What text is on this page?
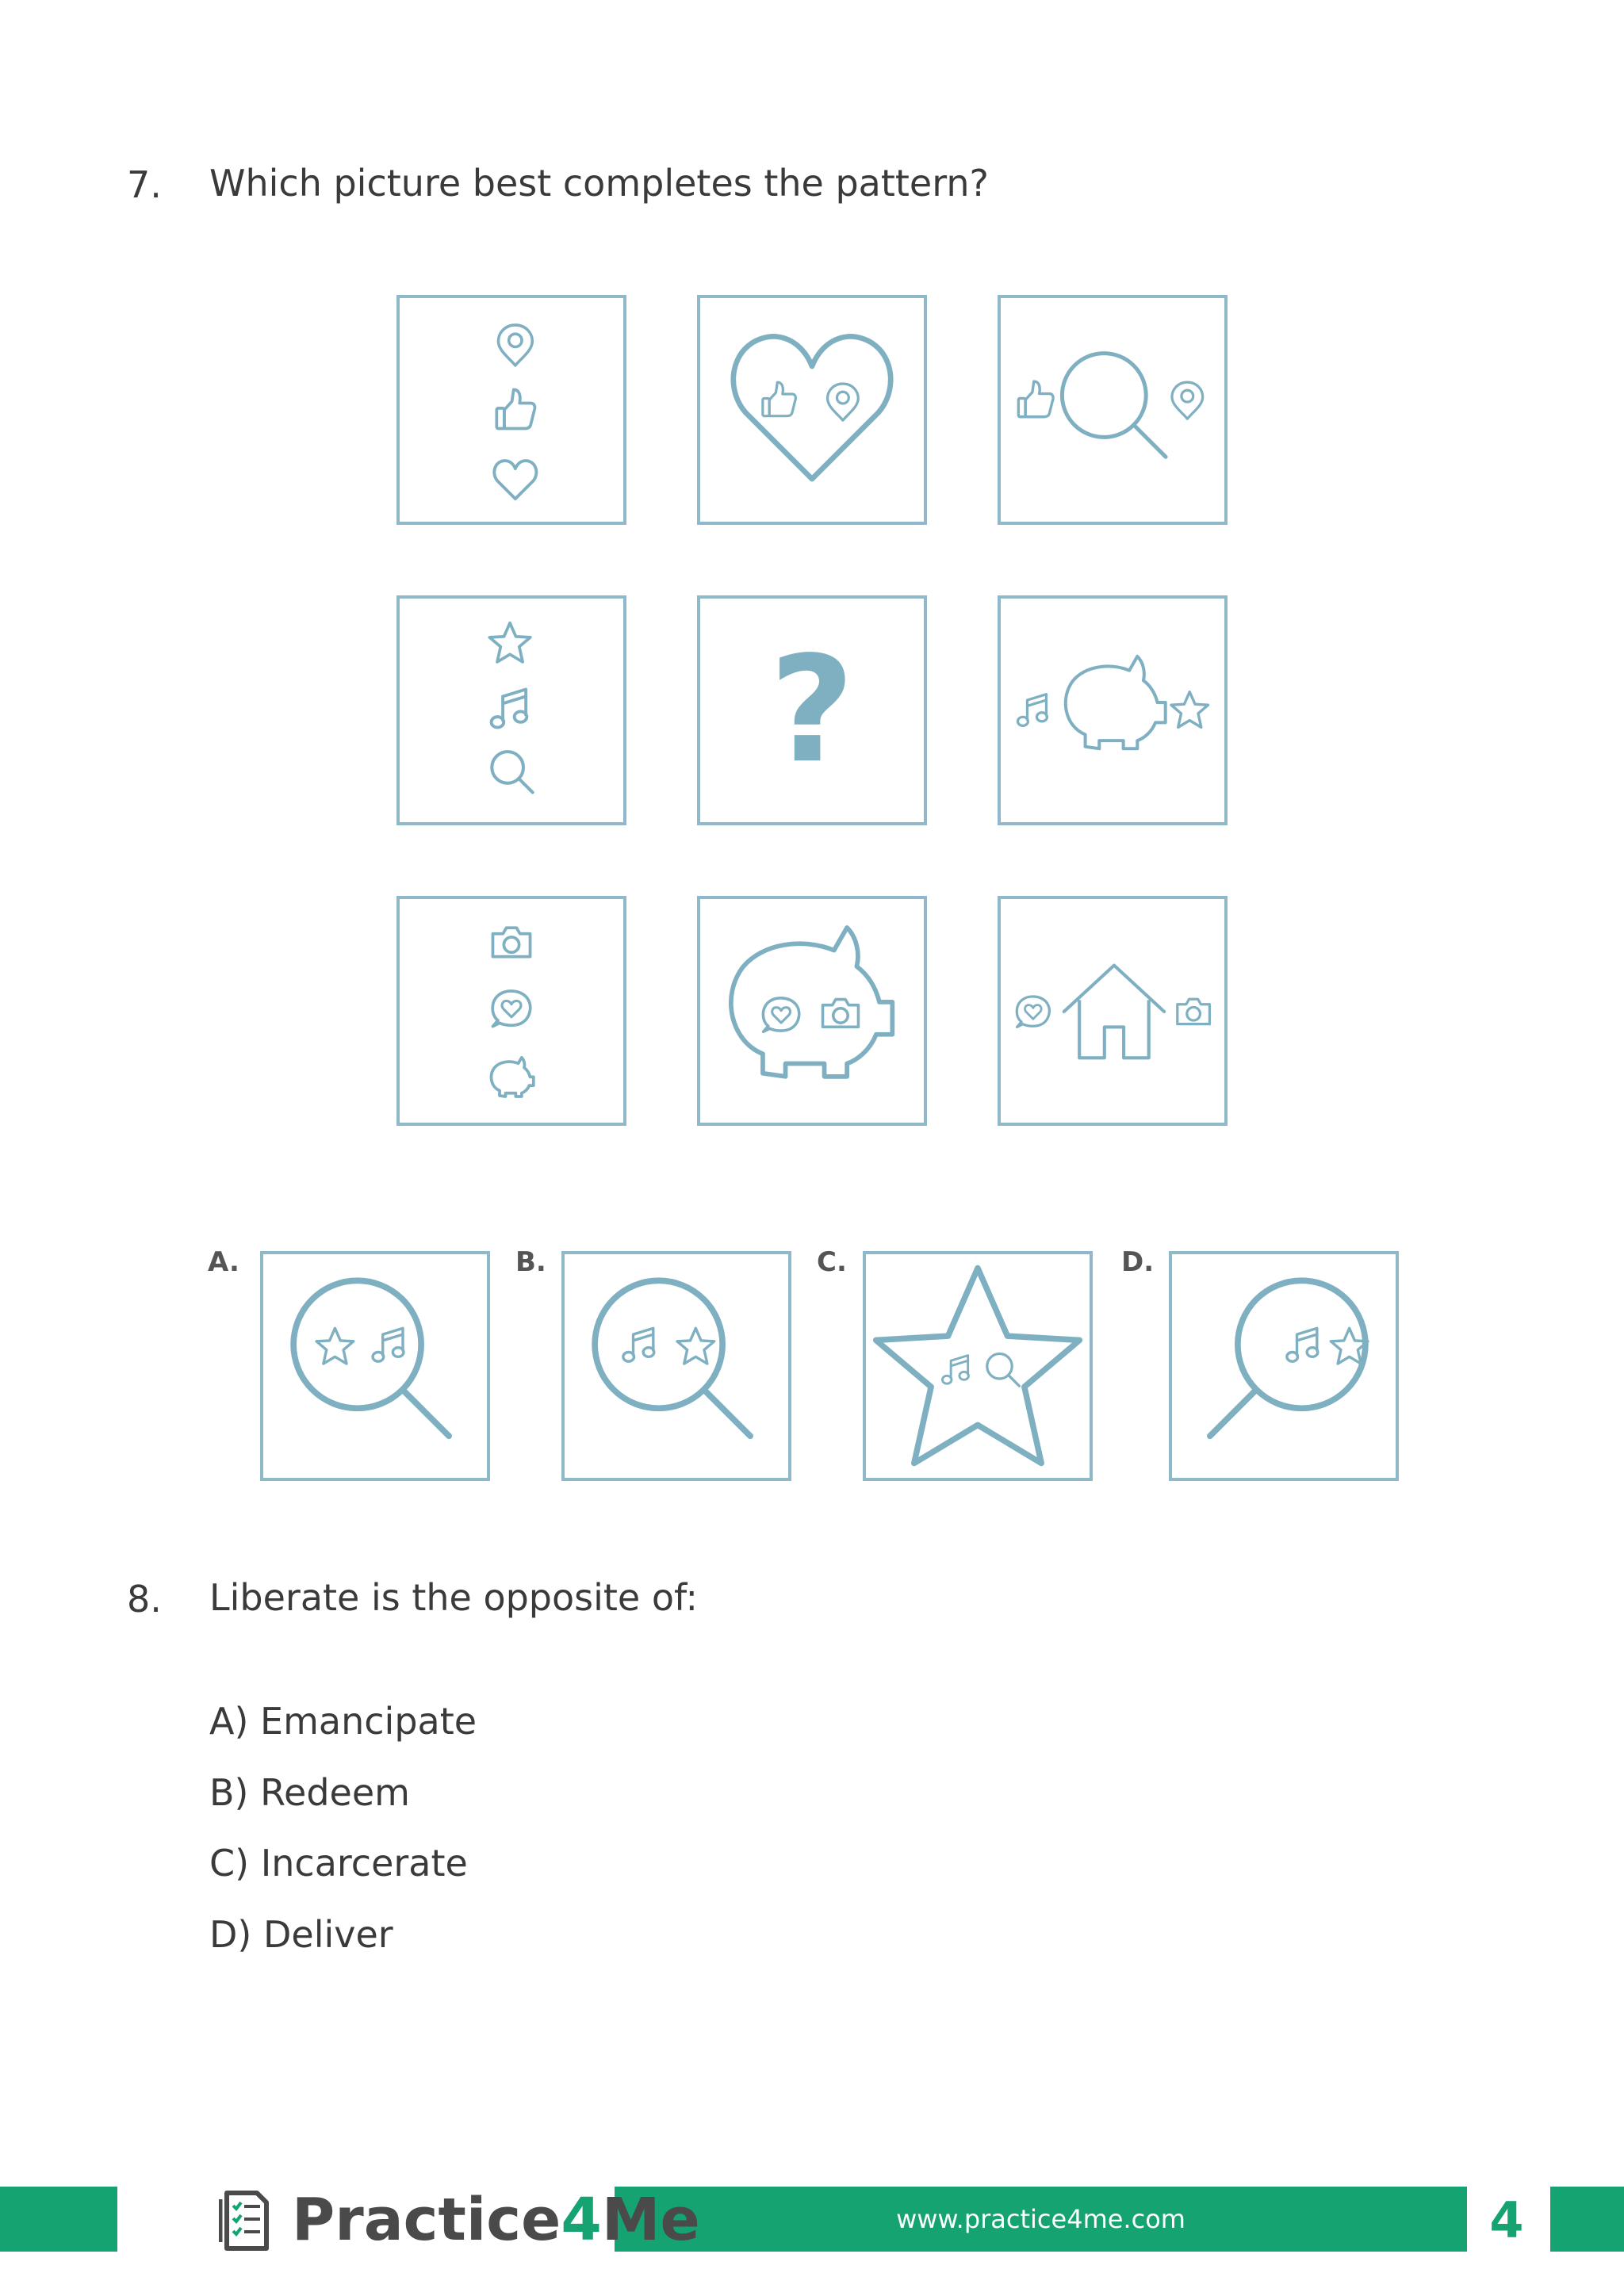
7. Which picture best completes the pattern?
?
A.	B.	C.	D.
8. Liberate is the opposite of:
A) Emancipate
B) Redeem
C) Incarcerate
D) Deliver
Practice 4 Me	www.practice4me.com	4
